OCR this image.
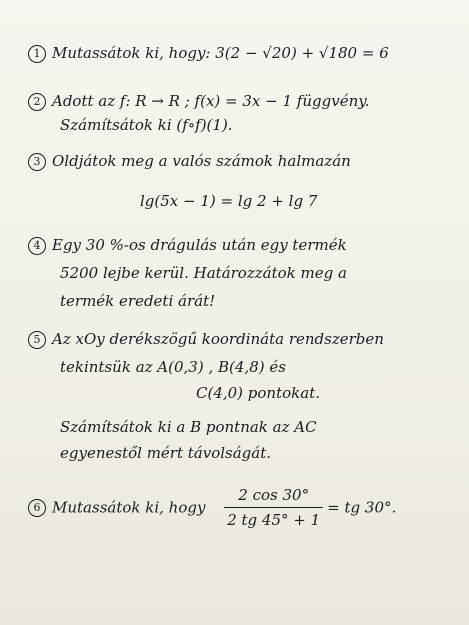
1 Mutassátok ki, hogy: 3(2 − √20) + √180 = 6
2 Adott az f: R → R ; f(x) = 3x − 1 függvény.
Számítsátok ki (f∘f)(1).
3 Oldjátok meg a valós számok halmazán
lg(5x − 1) = lg 2 + lg 7
4 Egy 30 %-os drágulás után egy termék
5200 lejbe kerül. Határozzátok meg a
termék eredeti árát!
5 Az xOy derékszögű koordináta rendszerben
tekintsük az A(0,3) , B(4,8) és
C(4,0) pontokat.
Számítsátok ki a B pontnak az AC
egyenestől mért távolságát.
6 Mutassátok ki, hogy $\frac{2 \cos 30^\circ}{2 tg 45^\circ + 1}$ = tg 30°.
